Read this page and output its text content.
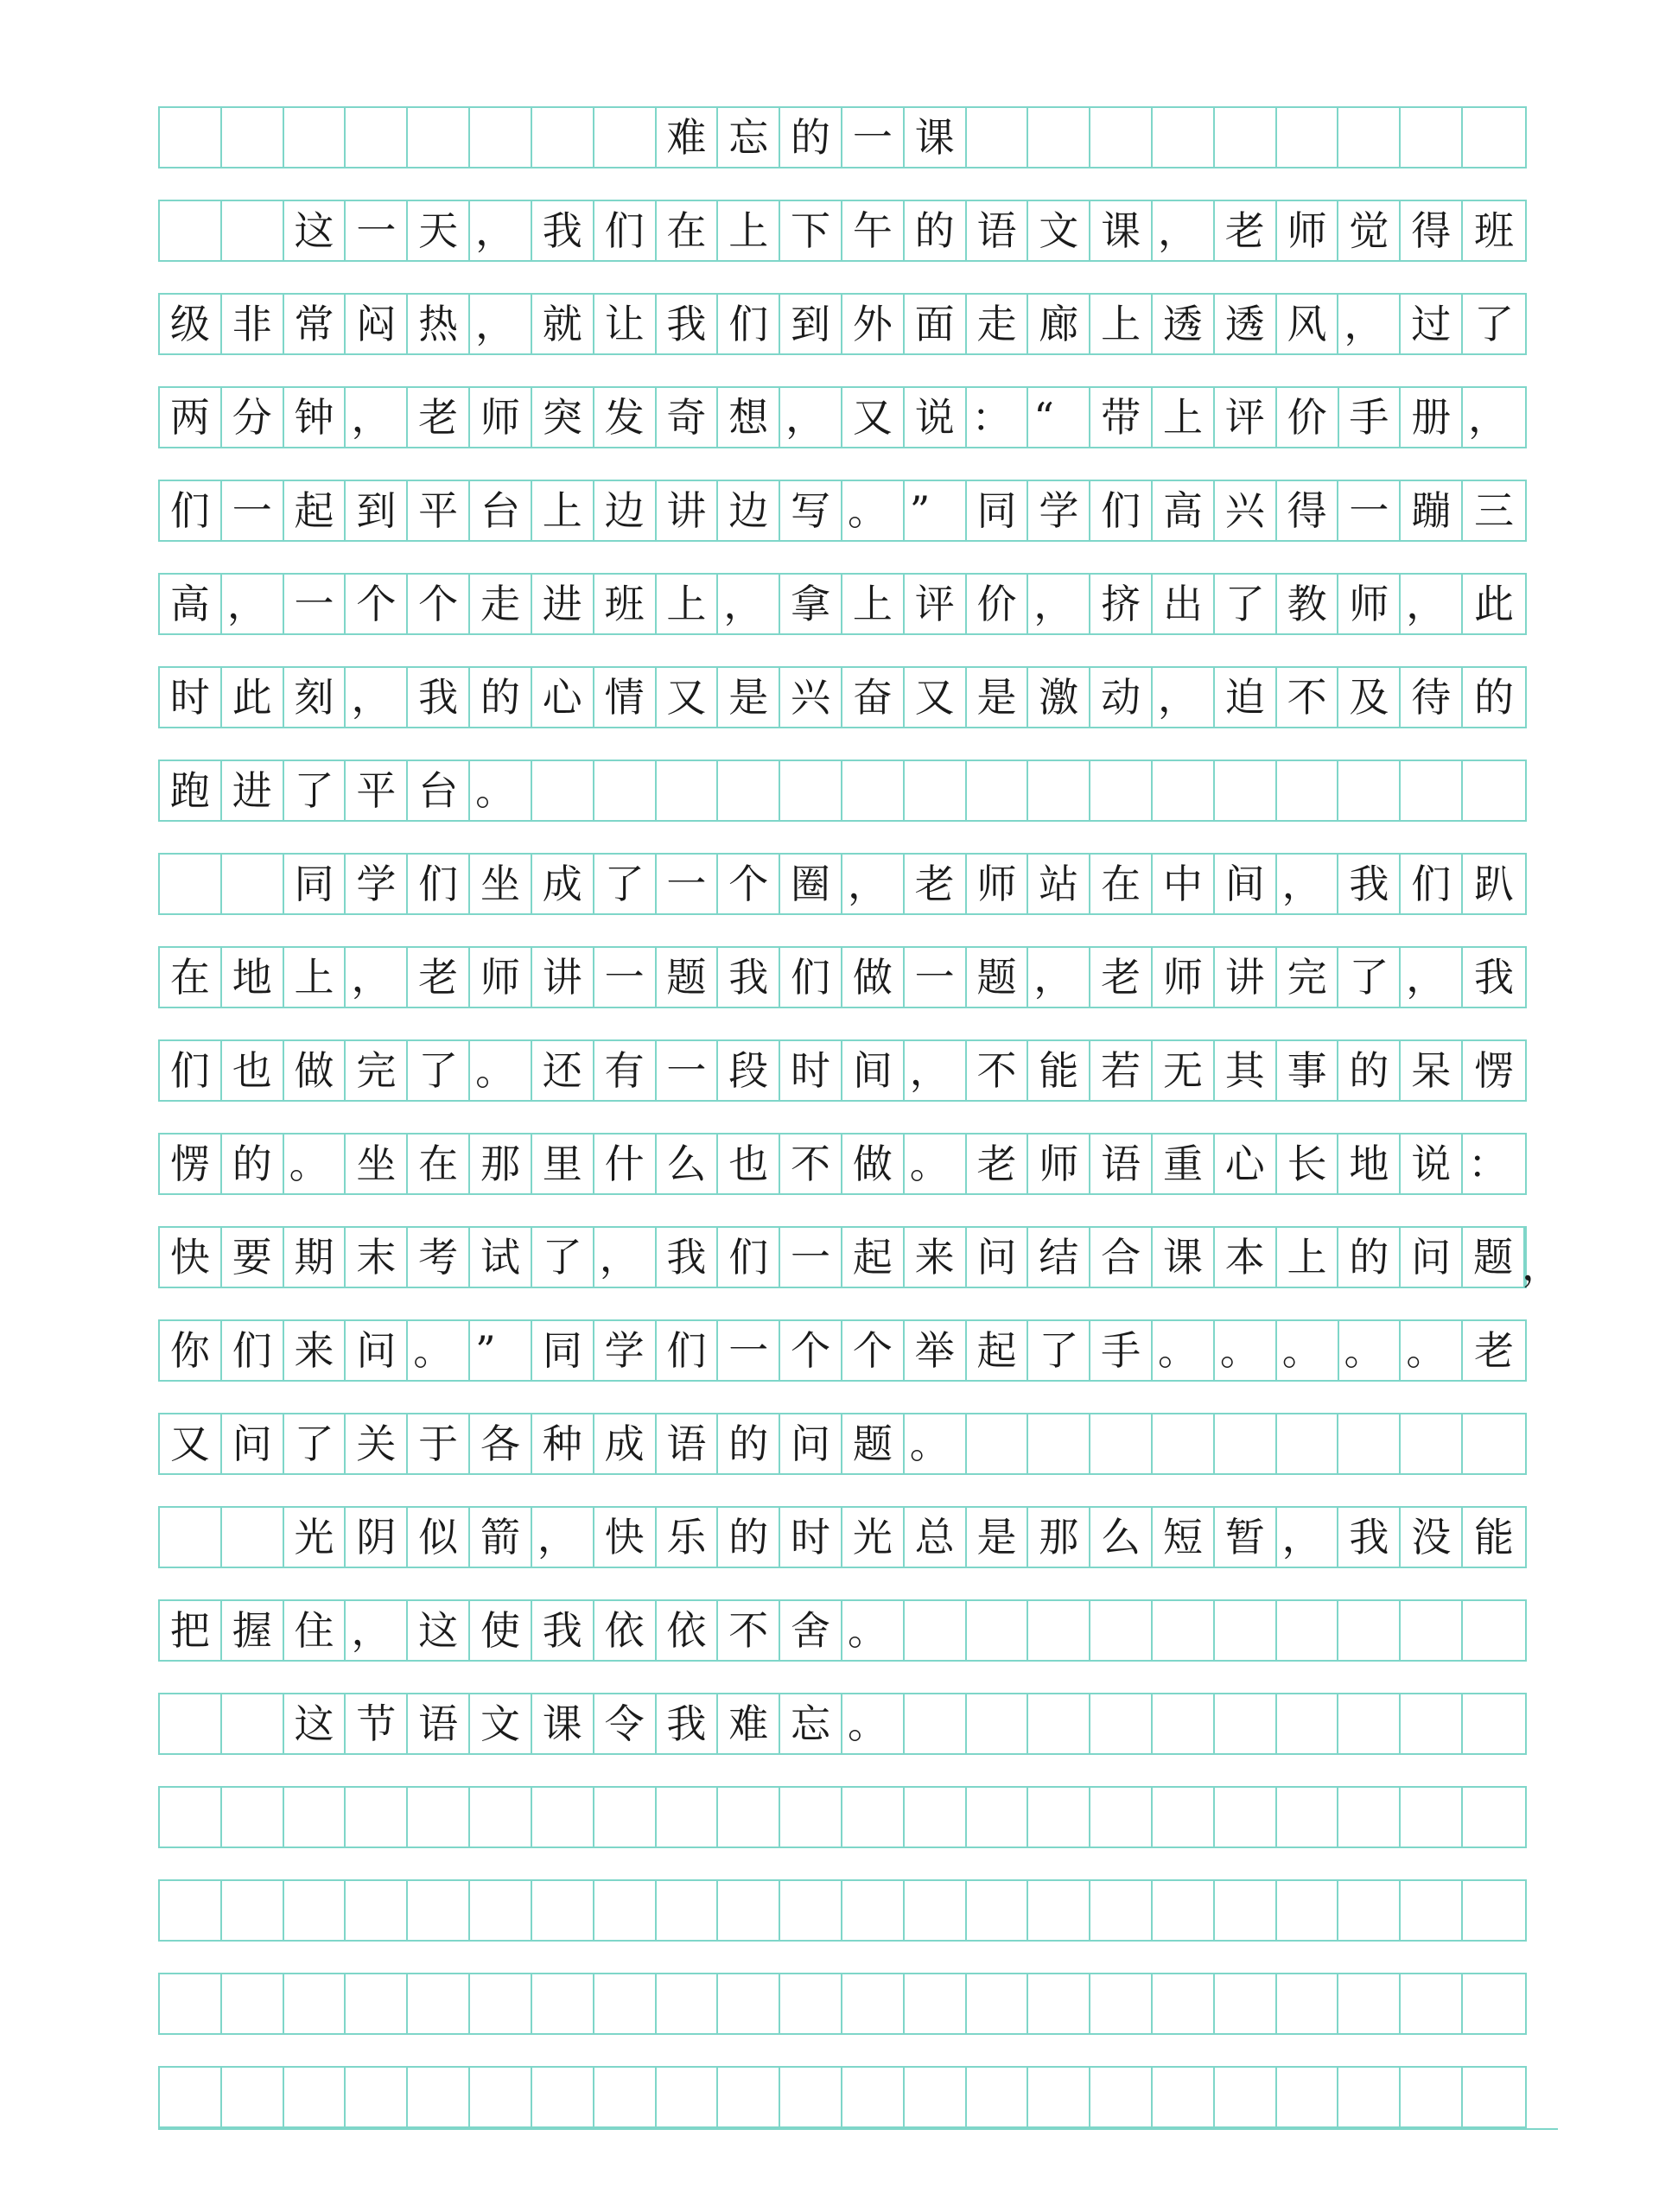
难 忘 的 一 课
这 一 天 ， 我 们 在 上 下 午 的 语 文 课 ， 老 师 觉 得 班
级 非 常 闷 热 ， 就 让 我 们 到 外 面 走 廊 上 透 透 风 ， 过 了
两 分 钟 ， 老 师 突 发 奇 想 ， 又 说 ： “	带 上 评 价 手 册 ，
们 一 起 到 平 台 上 边 讲 边 写 。 ”	同 学 们 高 兴 得 一 蹦 三
高 ， 一 个 个 走 进 班 上 ， 拿 上 评 价 ， 挤 出 了 教 师 ， 此
时 此 刻 ， 我 的 心 情 又 是 兴 奋 又 是 激 动 ， 迫 不 及 待 的
跑 进 了 平 台 。
同 学 们 坐 成 了 一 个 圈 ， 老 师 站 在 中 间 ， 我 们 趴
在 地 上 ， 老 师 讲 一 题 我 们 做 一 题 ， 老 师 讲 完 了 ， 我
们 也 做 完 了 。 还 有 一 段 时 间 ， 不 能 若 无 其 事 的 呆 愣
愣 的 。 坐 在 那 里 什 么 也 不 做 。 老 师 语 重 心 长 地 说 ：
快 要 期 末 考 试 了 ， 我 们 一 起 来 问 结 合 课 本 上 的 问 题 ，
你 们 来 问 。 ”	同 学 们 一 个 个 举 起 了 手 。 。 。 。 。 老
又 问 了 关 于 各 种 成 语 的 问 题 。
光 阴 似 箭 ， 快 乐 的 时 光 总 是 那 么 短 暂 ， 我 没 能
把 握 住 ， 这 使 我 依 依 不 舍 。
这 节 语 文 课 令 我 难 忘 。
